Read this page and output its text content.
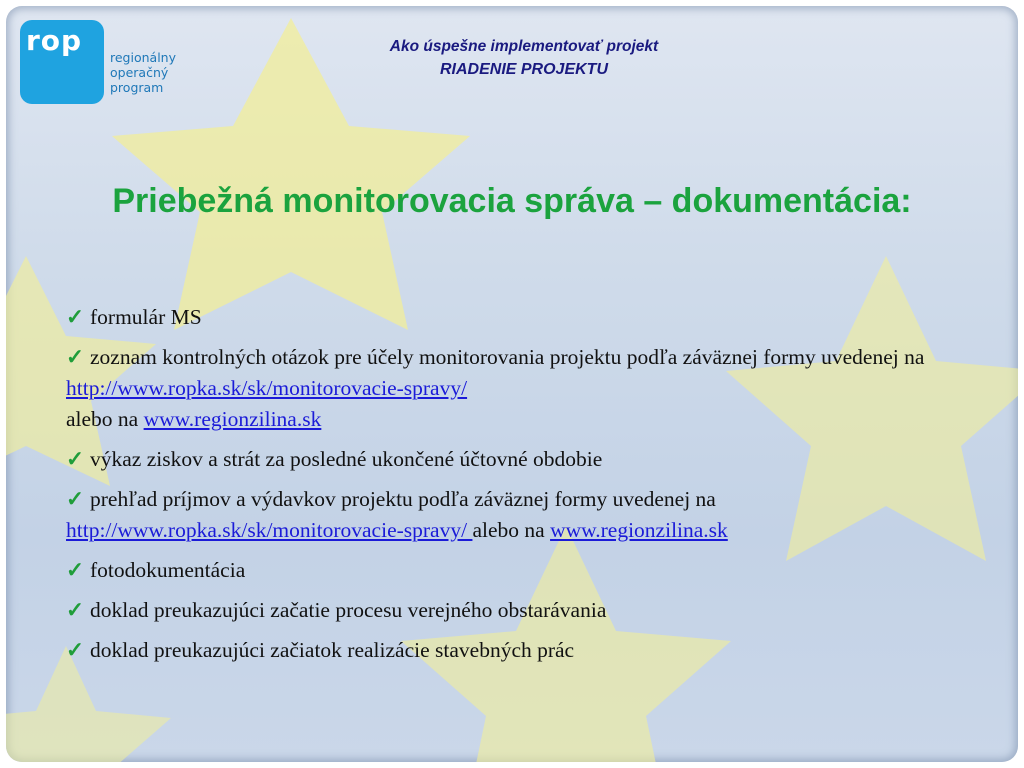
rop
regionálny
operačný
program
Ako úspešne implementovať projekt
RIADENIE PROJEKTU
Priebežná monitorovacia správa – dokumentácia:
✓ formulár MS
✓ zoznam kontrolných otázok pre účely monitorovania projektu podľa záväznej formy uvedenej na http://www.ropka.sk/sk/monitorovacie-spravy/
alebo na www.regionzilina.sk
✓ výkaz ziskov a strát za posledné ukončené účtovné obdobie
✓ prehľad príjmov a výdavkov projektu podľa záväznej formy uvedenej na
http://www.ropka.sk/sk/monitorovacie-spravy/ alebo na www.regionzilina.sk
✓ fotodokumentácia
✓ doklad preukazujúci začatie procesu verejného obstarávania
✓ doklad preukazujúci začiatok realizácie stavebných prác
